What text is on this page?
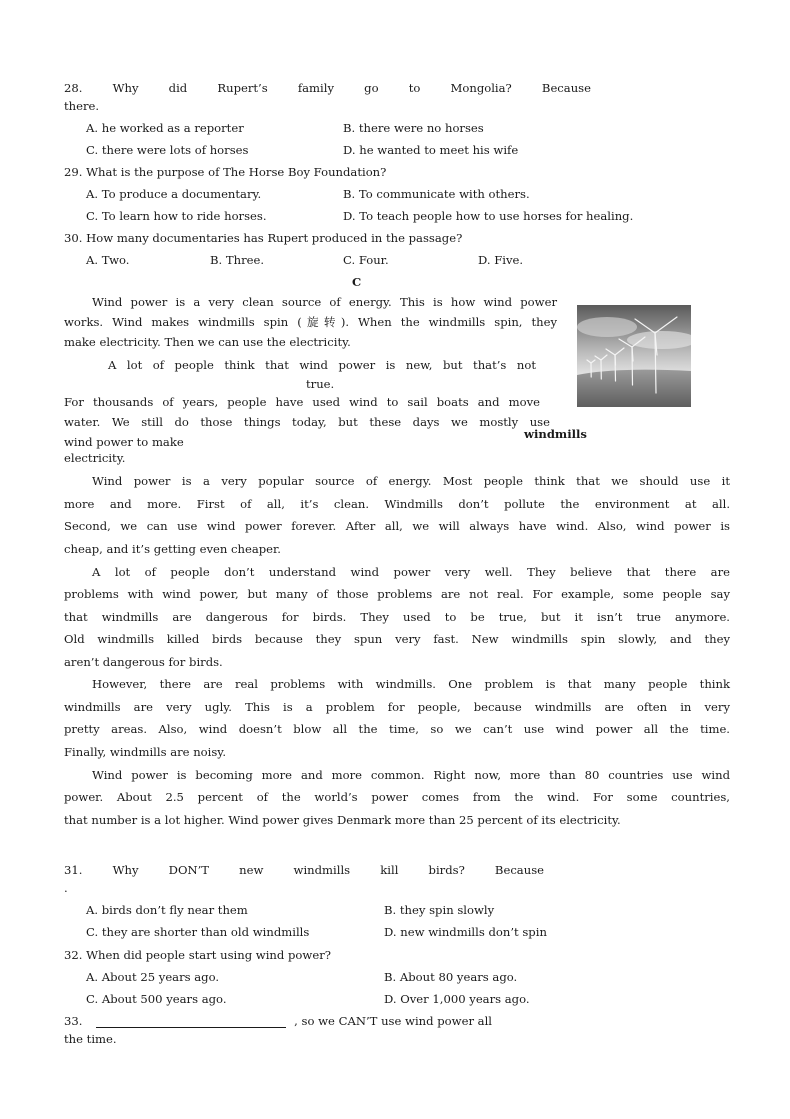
28. Why did Rupert’s family go to Mongolia? Because
there.
A. he worked as a reporter	B. there were no horses
C. there were lots of horses	D. he wanted to meet his wife
29. What is the purpose of The Horse Boy Foundation?
A. To produce a documentary.	B. To communicate with others.
C. To learn how to ride horses.	D. To teach people how to use horses for healing.
30. How many documentaries has Rupert produced in the passage?
A. Two.	B. Three.	C. Four.	D. Five.
C
Wind power is a very clean source of energy. This is how wind power
works. Wind makes windmills spin (旋转). When the windmills spin, they
make electricity. Then we can use the electricity.
A lot of people think that wind power is new, but that’s not
true.
For thousands of years, people have used wind to sail boats and move
water. We still do those things today, but these days we mostly use
wind power to make
electricity.
windmills
Wind power is a very popular source of energy. Most people think that we should use it
more and more. First of all, it’s clean. Windmills don’t pollute the environment at all.
Second, we can use wind power forever. After all, we will always have wind. Also, wind power is
cheap, and it’s getting even cheaper.
A lot of people don’t understand wind power very well. They believe that there are
problems with wind power, but many of those problems are not real. For example, some people say
that windmills are dangerous for birds. They used to be true, but it isn’t true anymore.
Old windmills killed birds because they spun very fast. New windmills spin slowly, and they
aren’t dangerous for birds.
However, there are real problems with windmills. One problem is that many people think
windmills are very ugly. This is a problem for people, because windmills are often in very
pretty areas. Also, wind doesn’t blow all the time, so we can’t use wind power all the time.
Finally, windmills are noisy.
Wind power is becoming more and more common. Right now, more than 80 countries use wind
power. About 2.5 percent of the world’s power comes from the wind. For some countries,
that number is a lot higher. Wind power gives Denmark more than 25 percent of its electricity.
31. Why DON’T new windmills kill birds? Because
.
A. birds don’t fly near them	B. they spin slowly
C. they are shorter than old windmills	D. new windmills don’t spin
32. When did people start using wind power?
A. About 25 years ago.	B. About 80 years ago.
C. About 500 years ago.	D. Over 1,000 years ago.
33.	, so we CAN’T use wind power all
the time.
